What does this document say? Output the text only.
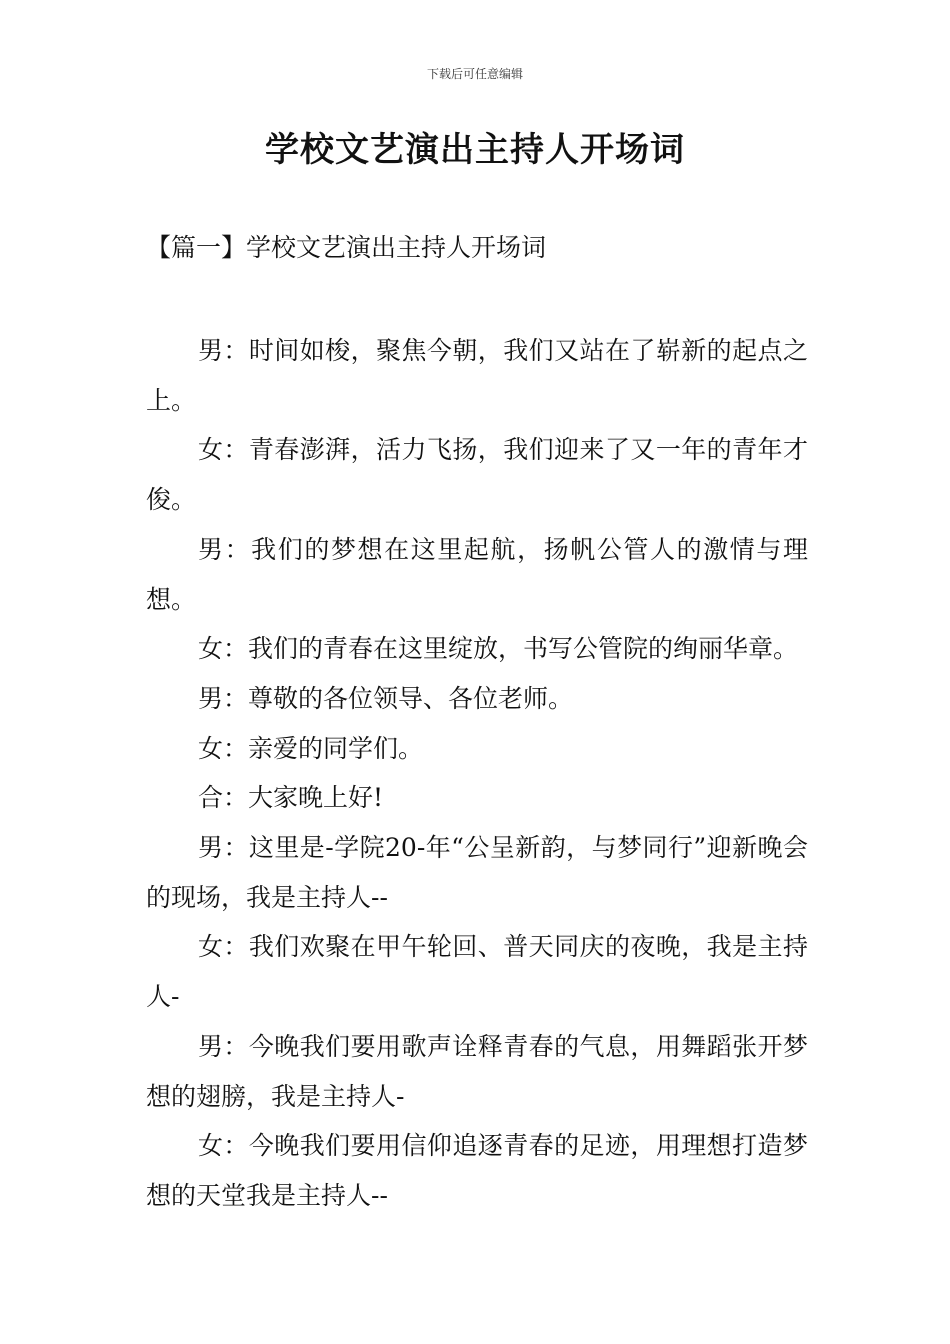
下载后可任意编辑
学校文艺演出主持人开场词
【篇一】学校文艺演出主持人开场词

男：时间如梭，聚焦今朝，我们又站在了崭新的起点之上。

女：青春澎湃，活力飞扬，我们迎来了又一年的青年才俊。

男：我们的梦想在这里起航，扬帆公管人的激情与理想。

女：我们的青春在这里绽放，书写公管院的绚丽华章。

男：尊敬的各位领导、各位老师。

女：亲爱的同学们。

合：大家晚上好!

男：这里是-学院20-年“公呈新韵，与梦同行”迎新晚会的现场，我是主持人--

女：我们欢聚在甲午轮回、普天同庆的夜晚，我是主持人-

男：今晚我们要用歌声诠释青春的气息，用舞蹈张开梦想的翅膀，我是主持人-

女：今晚我们要用信仰追逐青春的足迹，用理想打造梦想的天堂我是主持人--
